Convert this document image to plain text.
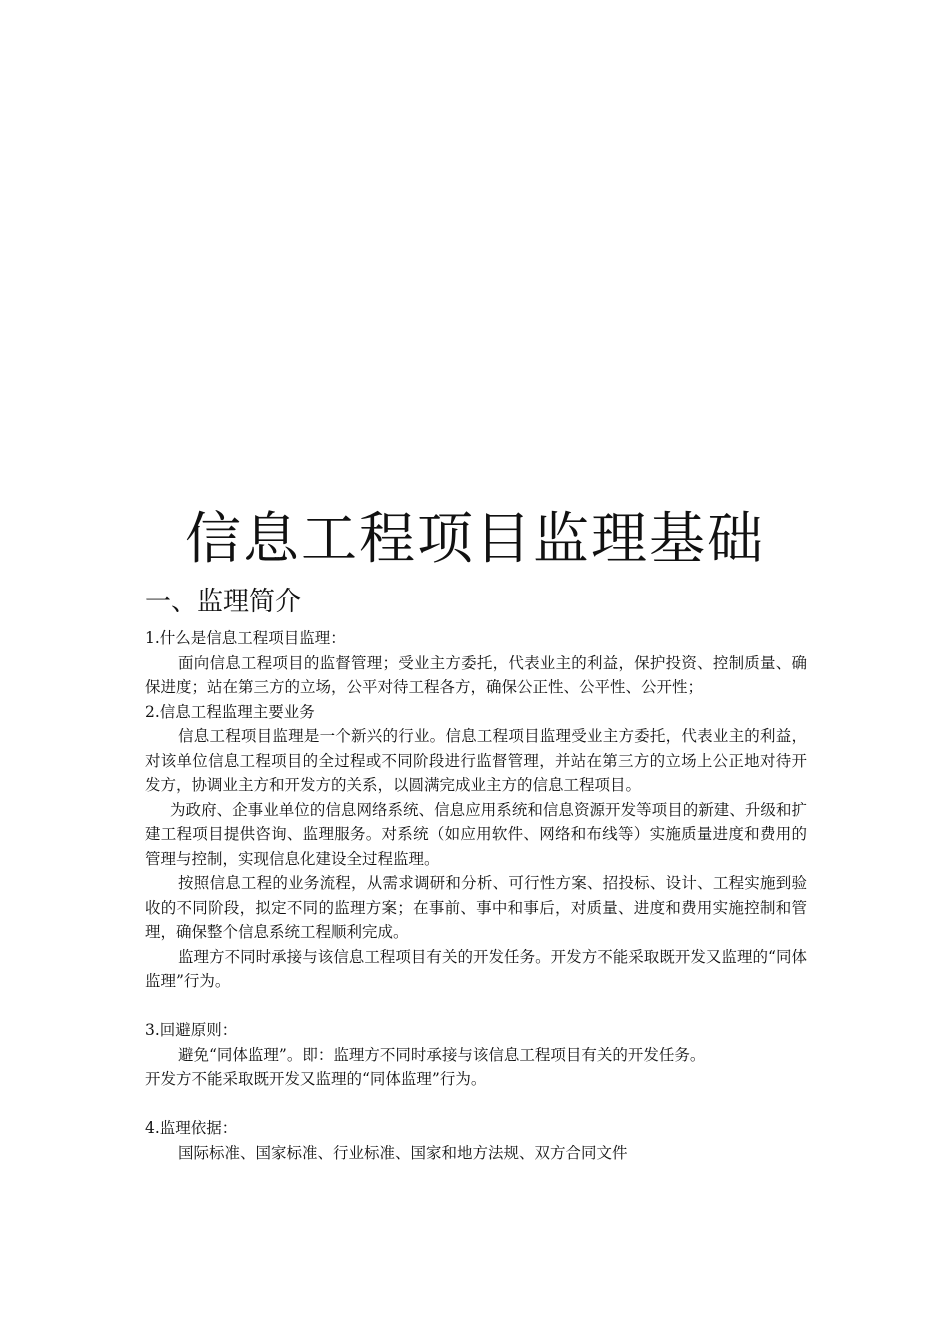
信息工程项目监理基础
一、监理简介

1.什么是信息工程项目监理：

面向信息工程项目的监督管理；受业主方委托，代表业主的利益，保护投资、控制质量、确保进度；站在第三方的立场，公平对待工程各方，确保公正性、公平性、公开性；

2.信息工程监理主要业务

信息工程项目监理是一个新兴的行业。信息工程项目监理受业主方委托，代表业主的利益，对该单位信息工程项目的全过程或不同阶段进行监督管理，并站在第三方的立场上公正地对待开发方，协调业主方和开发方的关系，以圆满完成业主方的信息工程项目。

为政府、企事业单位的信息网络系统、信息应用系统和信息资源开发等项目的新建、升级和扩建工程项目提供咨询、监理服务。对系统（如应用软件、网络和布线等）实施质量进度和费用的管理与控制，实现信息化建设全过程监理。

按照信息工程的业务流程，从需求调研和分析、可行性方案、招投标、设计、工程实施到验收的不同阶段，拟定不同的监理方案；在事前、事中和事后，对质量、进度和费用实施控制和管理，确保整个信息系统工程顺利完成。

监理方不同时承接与该信息工程项目有关的开发任务。开发方不能采取既开发又监理的“同体监理”行为。

3.回避原则：

避免“同体监理”。即：监理方不同时承接与该信息工程项目有关的开发任务。

开发方不能采取既开发又监理的“同体监理”行为。

4.监理依据：

国际标准、国家标准、行业标准、国家和地方法规、双方合同文件
